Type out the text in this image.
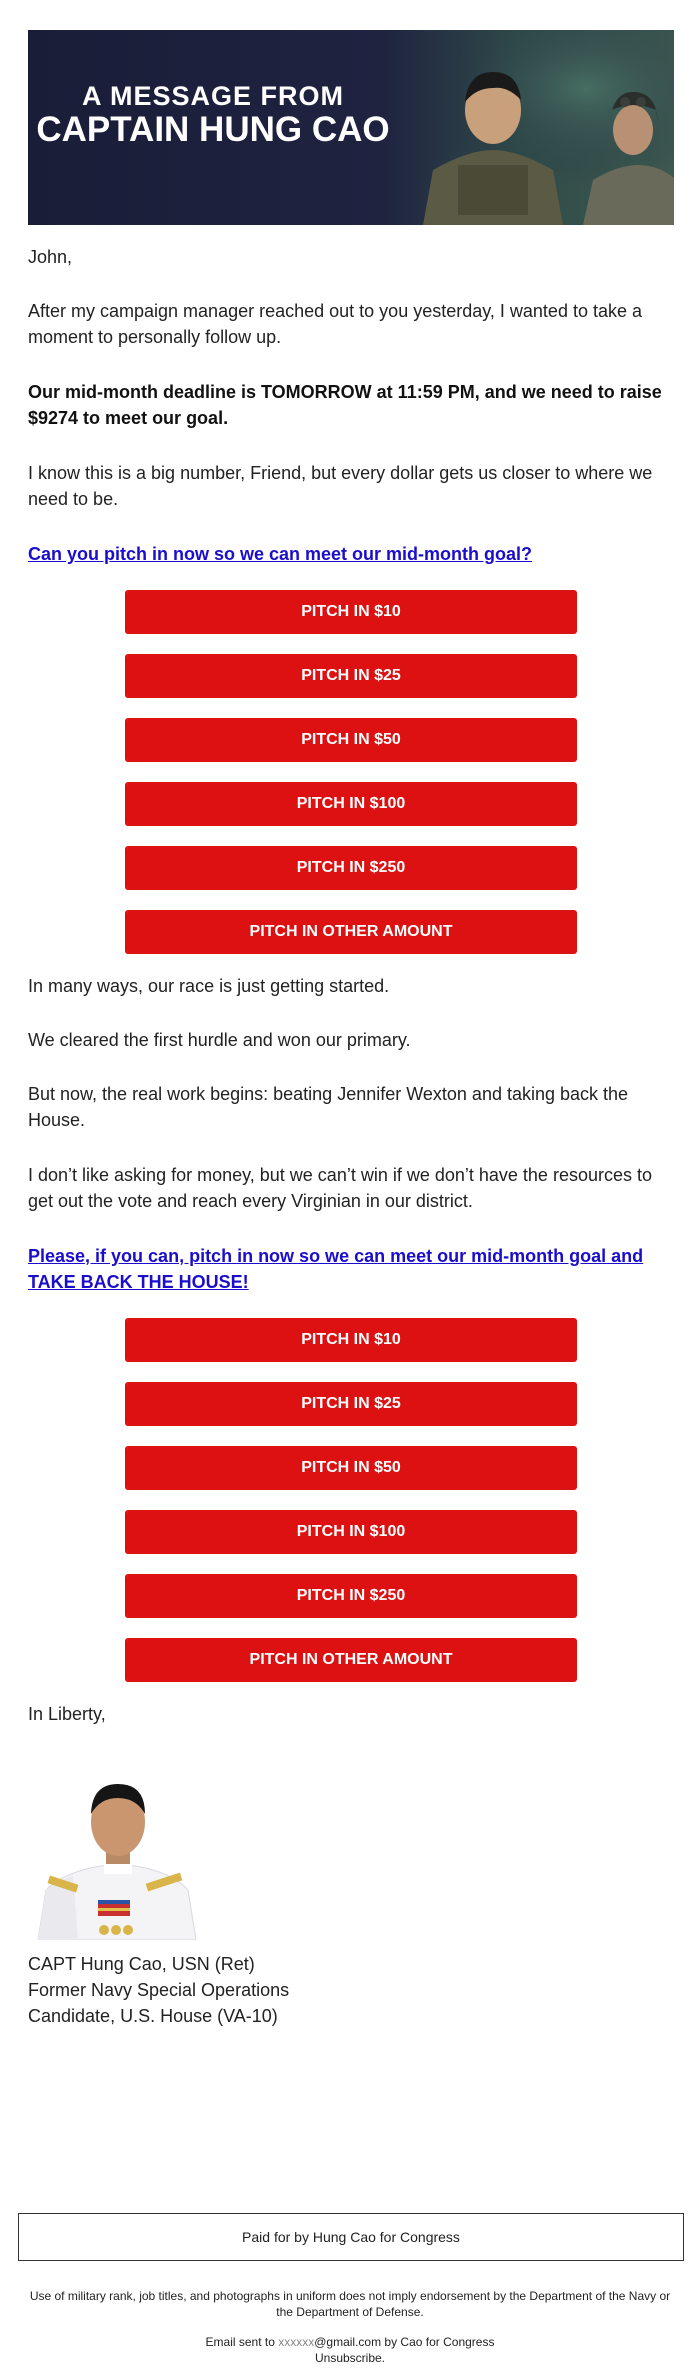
A MESSAGE FROM
CAPTAIN HUNG CAO

John,

After my campaign manager reached out to you yesterday, I wanted to take a moment to personally follow up.

Our mid-month deadline is TOMORROW at 11:59 PM, and we need to raise $9274 to meet our goal.

I know this is a big number, Friend, but every dollar gets us closer to where we need to be.

Can you pitch in now so we can meet our mid-month goal?

PITCH IN $10
PITCH IN $25
PITCH IN $50
PITCH IN $100
PITCH IN $250
PITCH IN OTHER AMOUNT

In many ways, our race is just getting started.

We cleared the first hurdle and won our primary.

But now, the real work begins: beating Jennifer Wexton and taking back the House.

I don’t like asking for money, but we can’t win if we don’t have the resources to get out the vote and reach every Virginian in our district.

Please, if you can, pitch in now so we can meet our mid-month goal and TAKE BACK THE HOUSE!

PITCH IN $10
PITCH IN $25
PITCH IN $50
PITCH IN $100
PITCH IN $250
PITCH IN OTHER AMOUNT

In Liberty,

CAPT Hung Cao, USN (Ret)

Former Navy Special Operations

Candidate, U.S. House (VA-10)

Paid for by Hung Cao for Congress
Use of military rank, job titles, and photographs in uniform does not imply endorsement by the Department of the Navy or the Department of Defense.
Email sent to xxxxxx@gmail.com by Cao for Congress
Unsubscribe.
